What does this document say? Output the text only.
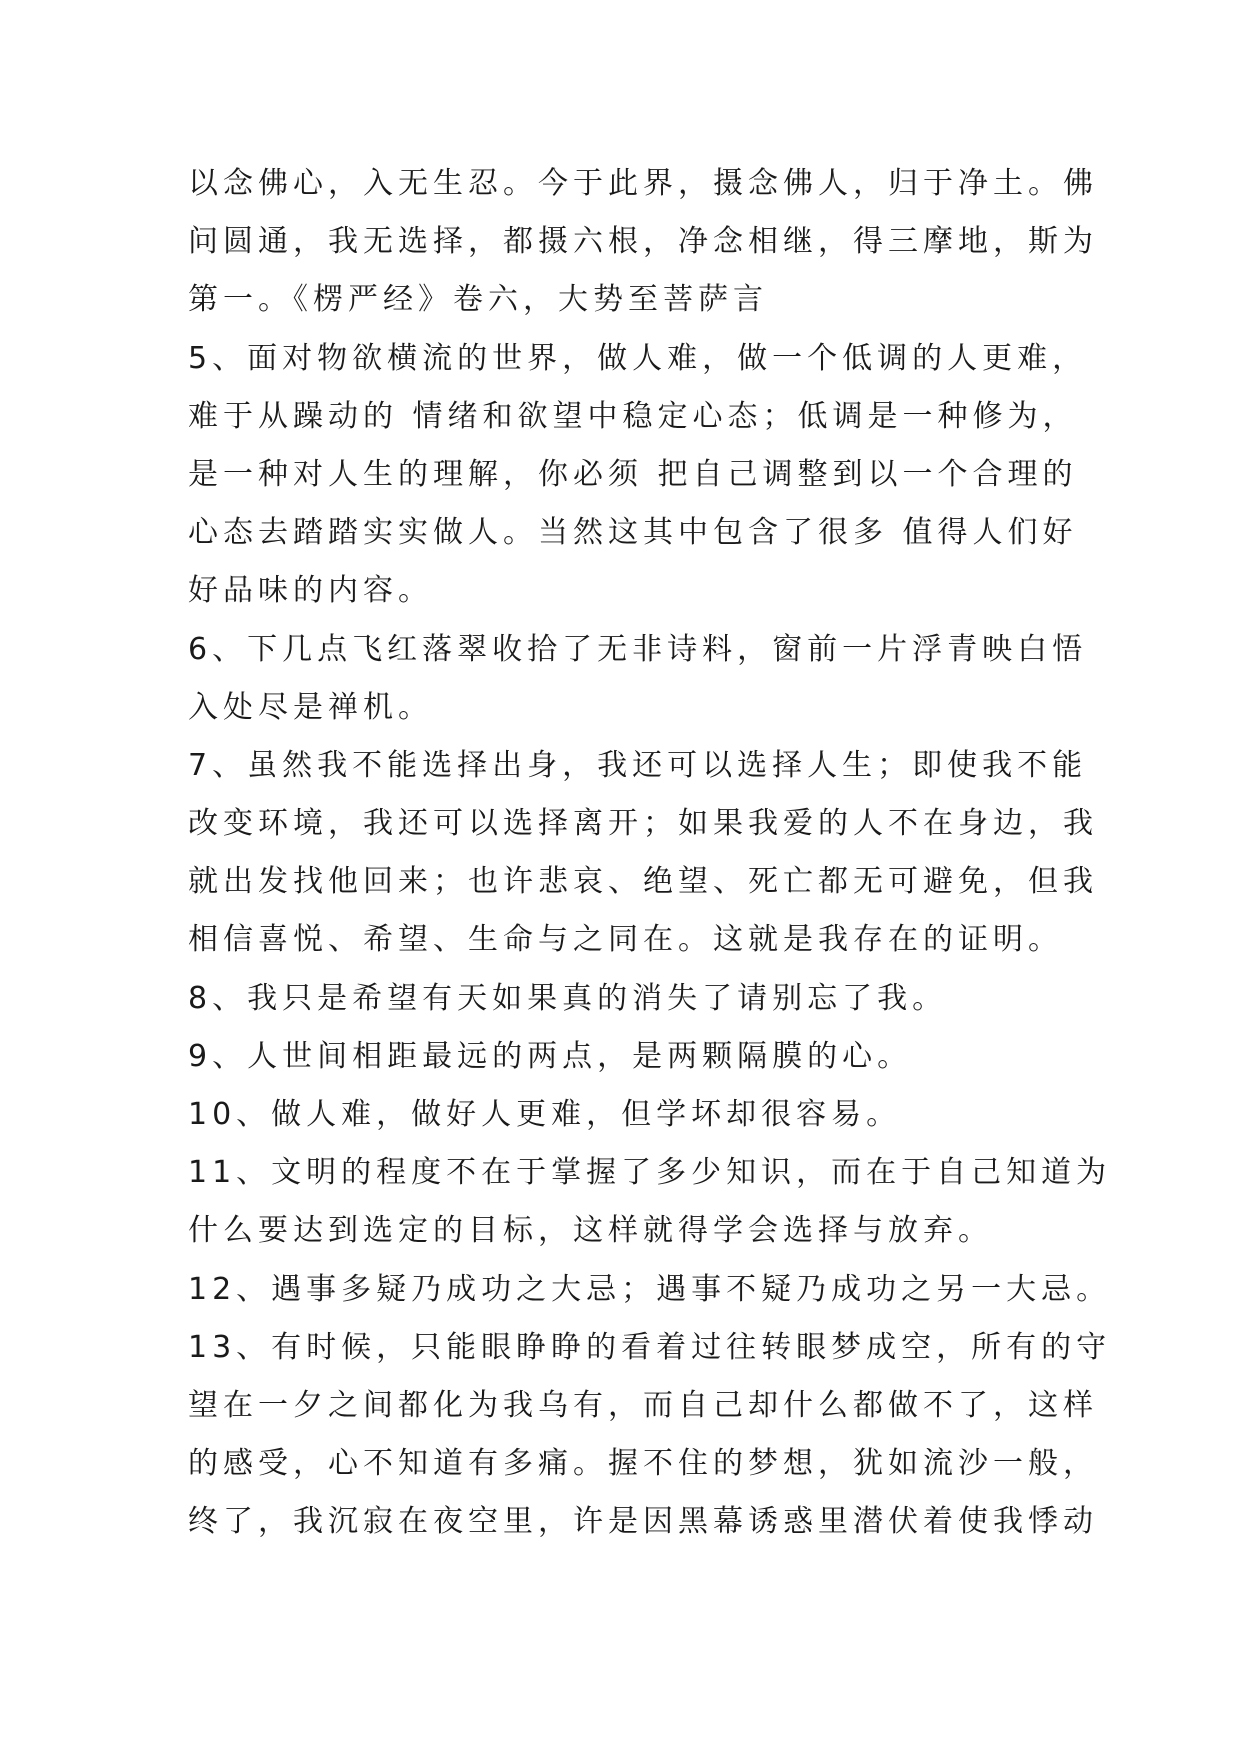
以念佛心，入无生忍。今于此界，摄念佛人，归于净土。佛
问圆通，我无选择，都摄六根，净念相继，得三摩地，斯为
第一。《楞严经》卷六，大势至菩萨言
5、面对物欲横流的世界，做人难，做一个低调的人更难，
难于从躁动的 情绪和欲望中稳定心态；低调是一种修为，
是一种对人生的理解，你必须 把自己调整到以一个合理的
心态去踏踏实实做人。当然这其中包含了很多 值得人们好
好品味的内容。
6、下几点飞红落翠收拾了无非诗料，窗前一片浮青映白悟
入处尽是禅机。
7、虽然我不能选择出身，我还可以选择人生；即使我不能
改变环境，我还可以选择离开；如果我爱的人不在身边，我
就出发找他回来；也许悲哀、绝望、死亡都无可避免，但我
相信喜悦、希望、生命与之同在。这就是我存在的证明。
8、我只是希望有天如果真的消失了请别忘了我。
9、人世间相距最远的两点，是两颗隔膜的心。
10、做人难，做好人更难，但学坏却很容易。
11、文明的程度不在于掌握了多少知识，而在于自己知道为
什么要达到选定的目标，这样就得学会选择与放弃。
12、遇事多疑乃成功之大忌；遇事不疑乃成功之另一大忌。
13、有时候，只能眼睁睁的看着过往转眼梦成空，所有的守
望在一夕之间都化为我乌有，而自己却什么都做不了，这样
的感受，心不知道有多痛。握不住的梦想，犹如流沙一般，
终了，我沉寂在夜空里，许是因黑幕诱惑里潜伏着使我悸动
